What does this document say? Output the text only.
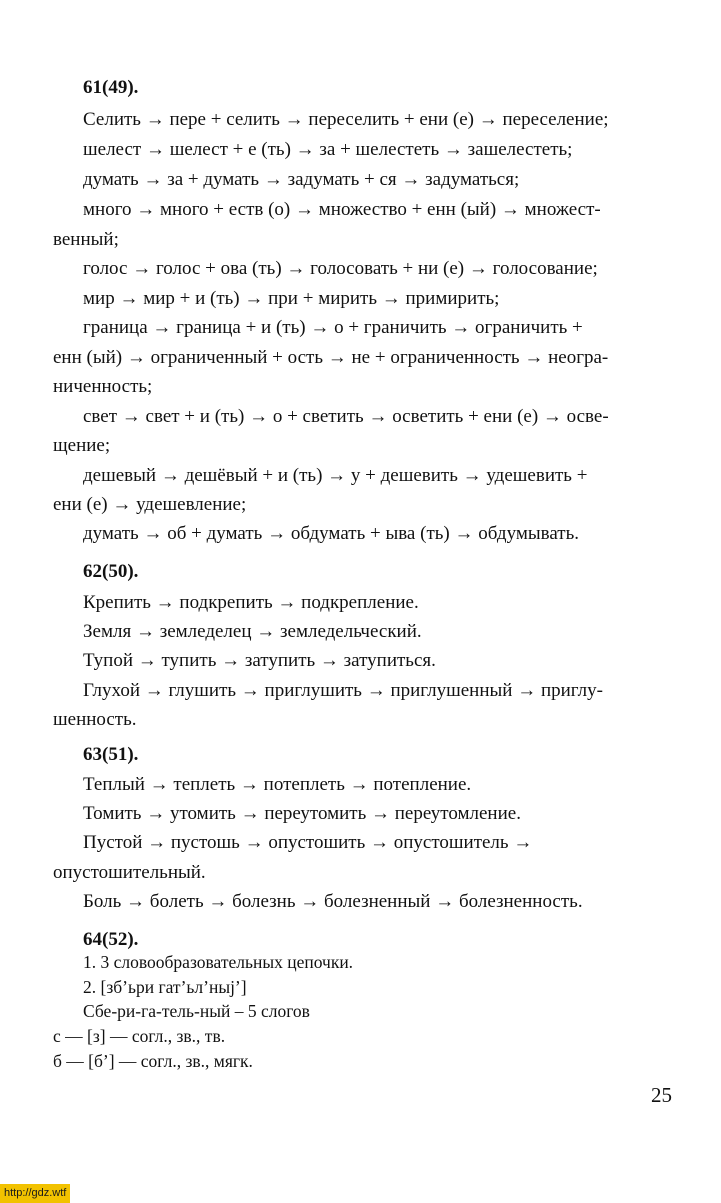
61(49).
Селить → пере + селить → переселить + ени (е) → переселение;
шелест → шелест + е (ть) → за + шелестеть → зашелестеть;
думать → за + думать → задумать + ся → задуматься;
много → много + еств (о) → множество + енн (ый) → множест-
венный;
голос → голос + ова (ть) → голосовать + ни (е) → голосование;
мир → мир + и (ть) → при + мирить → примирить;
граница → граница + и (ть) → о + граничить → ограничить +
енн (ый) → ограниченный + ость → не + ограниченность → неогра-
ниченность;
свет → свет + и (ть) → о + светить → осветить + ени (е) → осве-
щение;
дешевый → дешёвый + и (ть) → у + дешевить → удешевить +
ени (е) → удешевление;
думать → об + думать → обдумать + ыва (ть) → обдумывать.
62(50).
Крепить → подкрепить → подкрепление.
Земля → земледелец → земледельческий.
Тупой → тупить → затупить → затупиться.
Глухой → глушить → приглушить → приглушенный → приглу-
шенность.
63(51).
Теплый → теплеть → потеплеть → потепление.
Томить → утомить → переутомить → переутомление.
Пустой → пустошь → опустошить → опустошитель →
опустошительный.
Боль → болеть → болезнь → болезненный → болезненность.
64(52).
1. 3 словообразовательных цепочки.
2. [зб’ьри гат’ьл’ныj’]
Сбе-ри-га-тель-ный – 5 слогов
с — [з] — согл., зв., тв.
б — [б’] — согл., зв., мягк.
25
http://gdz.wtf
